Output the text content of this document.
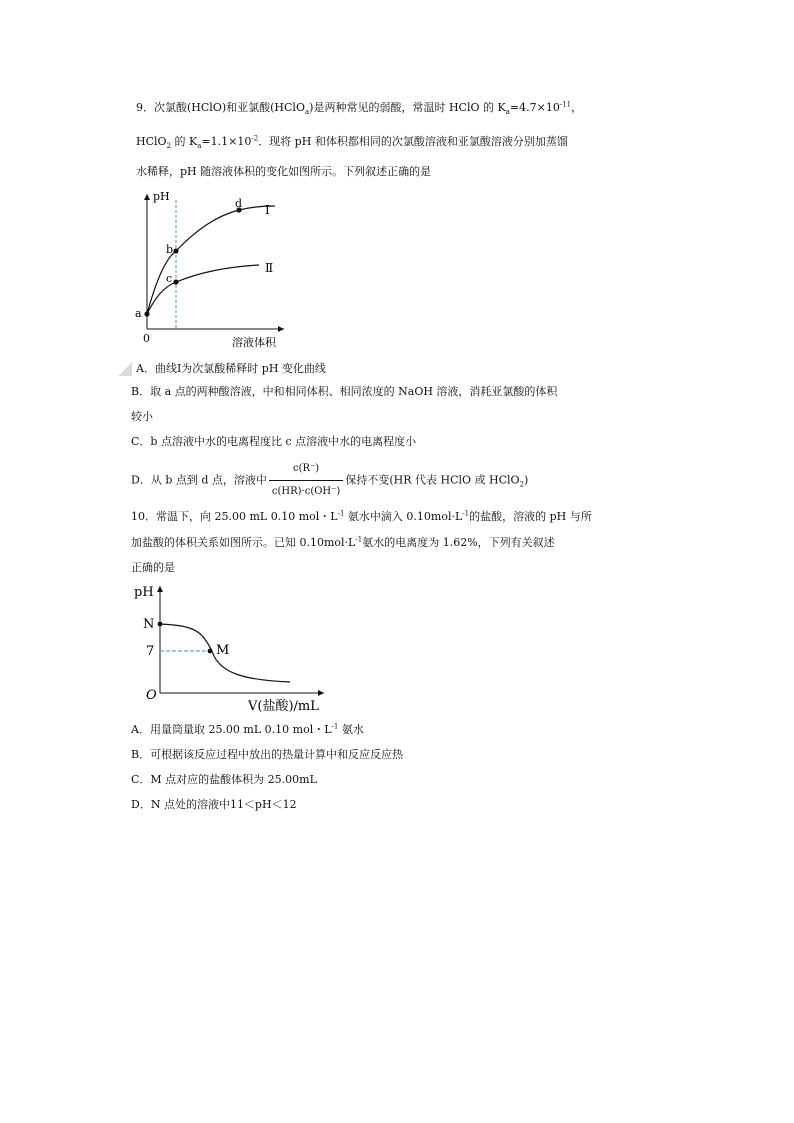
9．次氯酸(HClO)和亚氯酸(HClO$_a$)是两种常见的弱酸，常温时 HClO 的 $K_a=4.7\times 10^{-11}$，
HClO$_2$ 的 $K_a=1.1\times 10^{-2}$．现将 pH 和体积都相同的次氯酸溶液和亚氯酸溶液分别加蒸馏
水稀释，pH 随溶液体积的变化如图所示。下列叙述正确的是
pH
溶液体积
0
Ⅰ
Ⅱ
a
b
c
d
A．曲线Ⅰ为次氯酸稀释时 pH 变化曲线
B．取 a 点的两种酸溶液，中和相同体积、相同浓度的 NaOH 溶液，消耗亚氯酸的体积
较小
C．b 点溶液中水的电离程度比 c 点溶液中水的电离程度小
D．从 b 点到 d 点，溶液中 $\frac{c(R^-)}{c(HR)\cdot c(OH^-)}$ 保持不变(HR 代表 HClO 或 HClO$_2$)
10．常温下，向 25.00 mL 0.10 mol・$L^{-1}$ 氨水中滴入 $0.10mol\cdot L^{-1}$的盐酸，溶液的 pH 与所
加盐酸的体积关系如图所示。已知 $0.10mol\cdot L^{-1}$氨水的电离度为 1.62%，下列有关叙述
正确的是
pH
N
7	M
O
V(盐酸)/mL
A．用量筒量取 25.00 mL 0.10 mol・$L^{-1}$ 氨水
B．可根据该反应过程中放出的热量计算中和反应反应热
C．M 点对应的盐酸体积为 25.00mL
D．N 点处的溶液中11＜pH＜12
